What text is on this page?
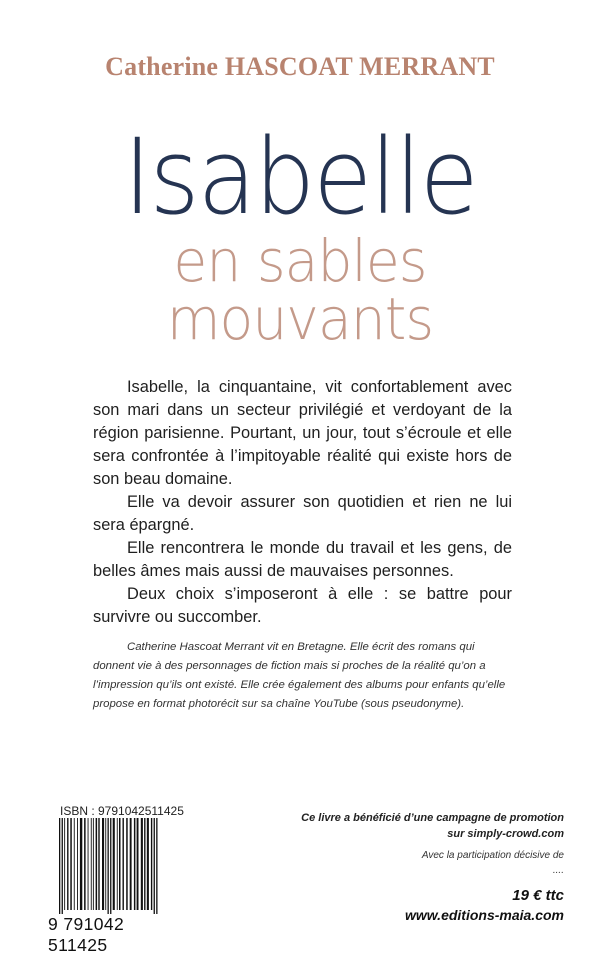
Catherine HASCOAT MERRANT
Isabelle
en sables
mouvants

Isabelle, la cinquantaine, vit confortablement avec son mari dans un secteur privilégié et verdoyant de la région parisienne. Pourtant, un jour, tout s’écroule et elle sera confrontée à l’impitoyable réalité qui existe hors de son beau domaine.

Elle va devoir assurer son quotidien et rien ne lui sera épargné.

Elle rencontrera le monde du travail et les gens, de belles âmes mais aussi de mauvaises personnes.

Deux choix s’imposeront à elle : se battre pour survivre ou succomber.

Catherine Hascoat Merrant vit en Bretagne. Elle écrit des romans qui donnent vie à des personnages de fiction mais si proches de la réalité qu’on a l’impression qu’ils ont existé. Elle crée également des albums pour enfants qu’elle propose en format photorécit sur sa chaîne YouTube (sous pseudonyme).

ISBN : 9791042511425
9 791042 511425
Ce livre a bénéficié d’une campagne de promotion
sur simply-crowd.com
Avec la participation décisive de
....
19 € ttc
www.editions-maia.com
